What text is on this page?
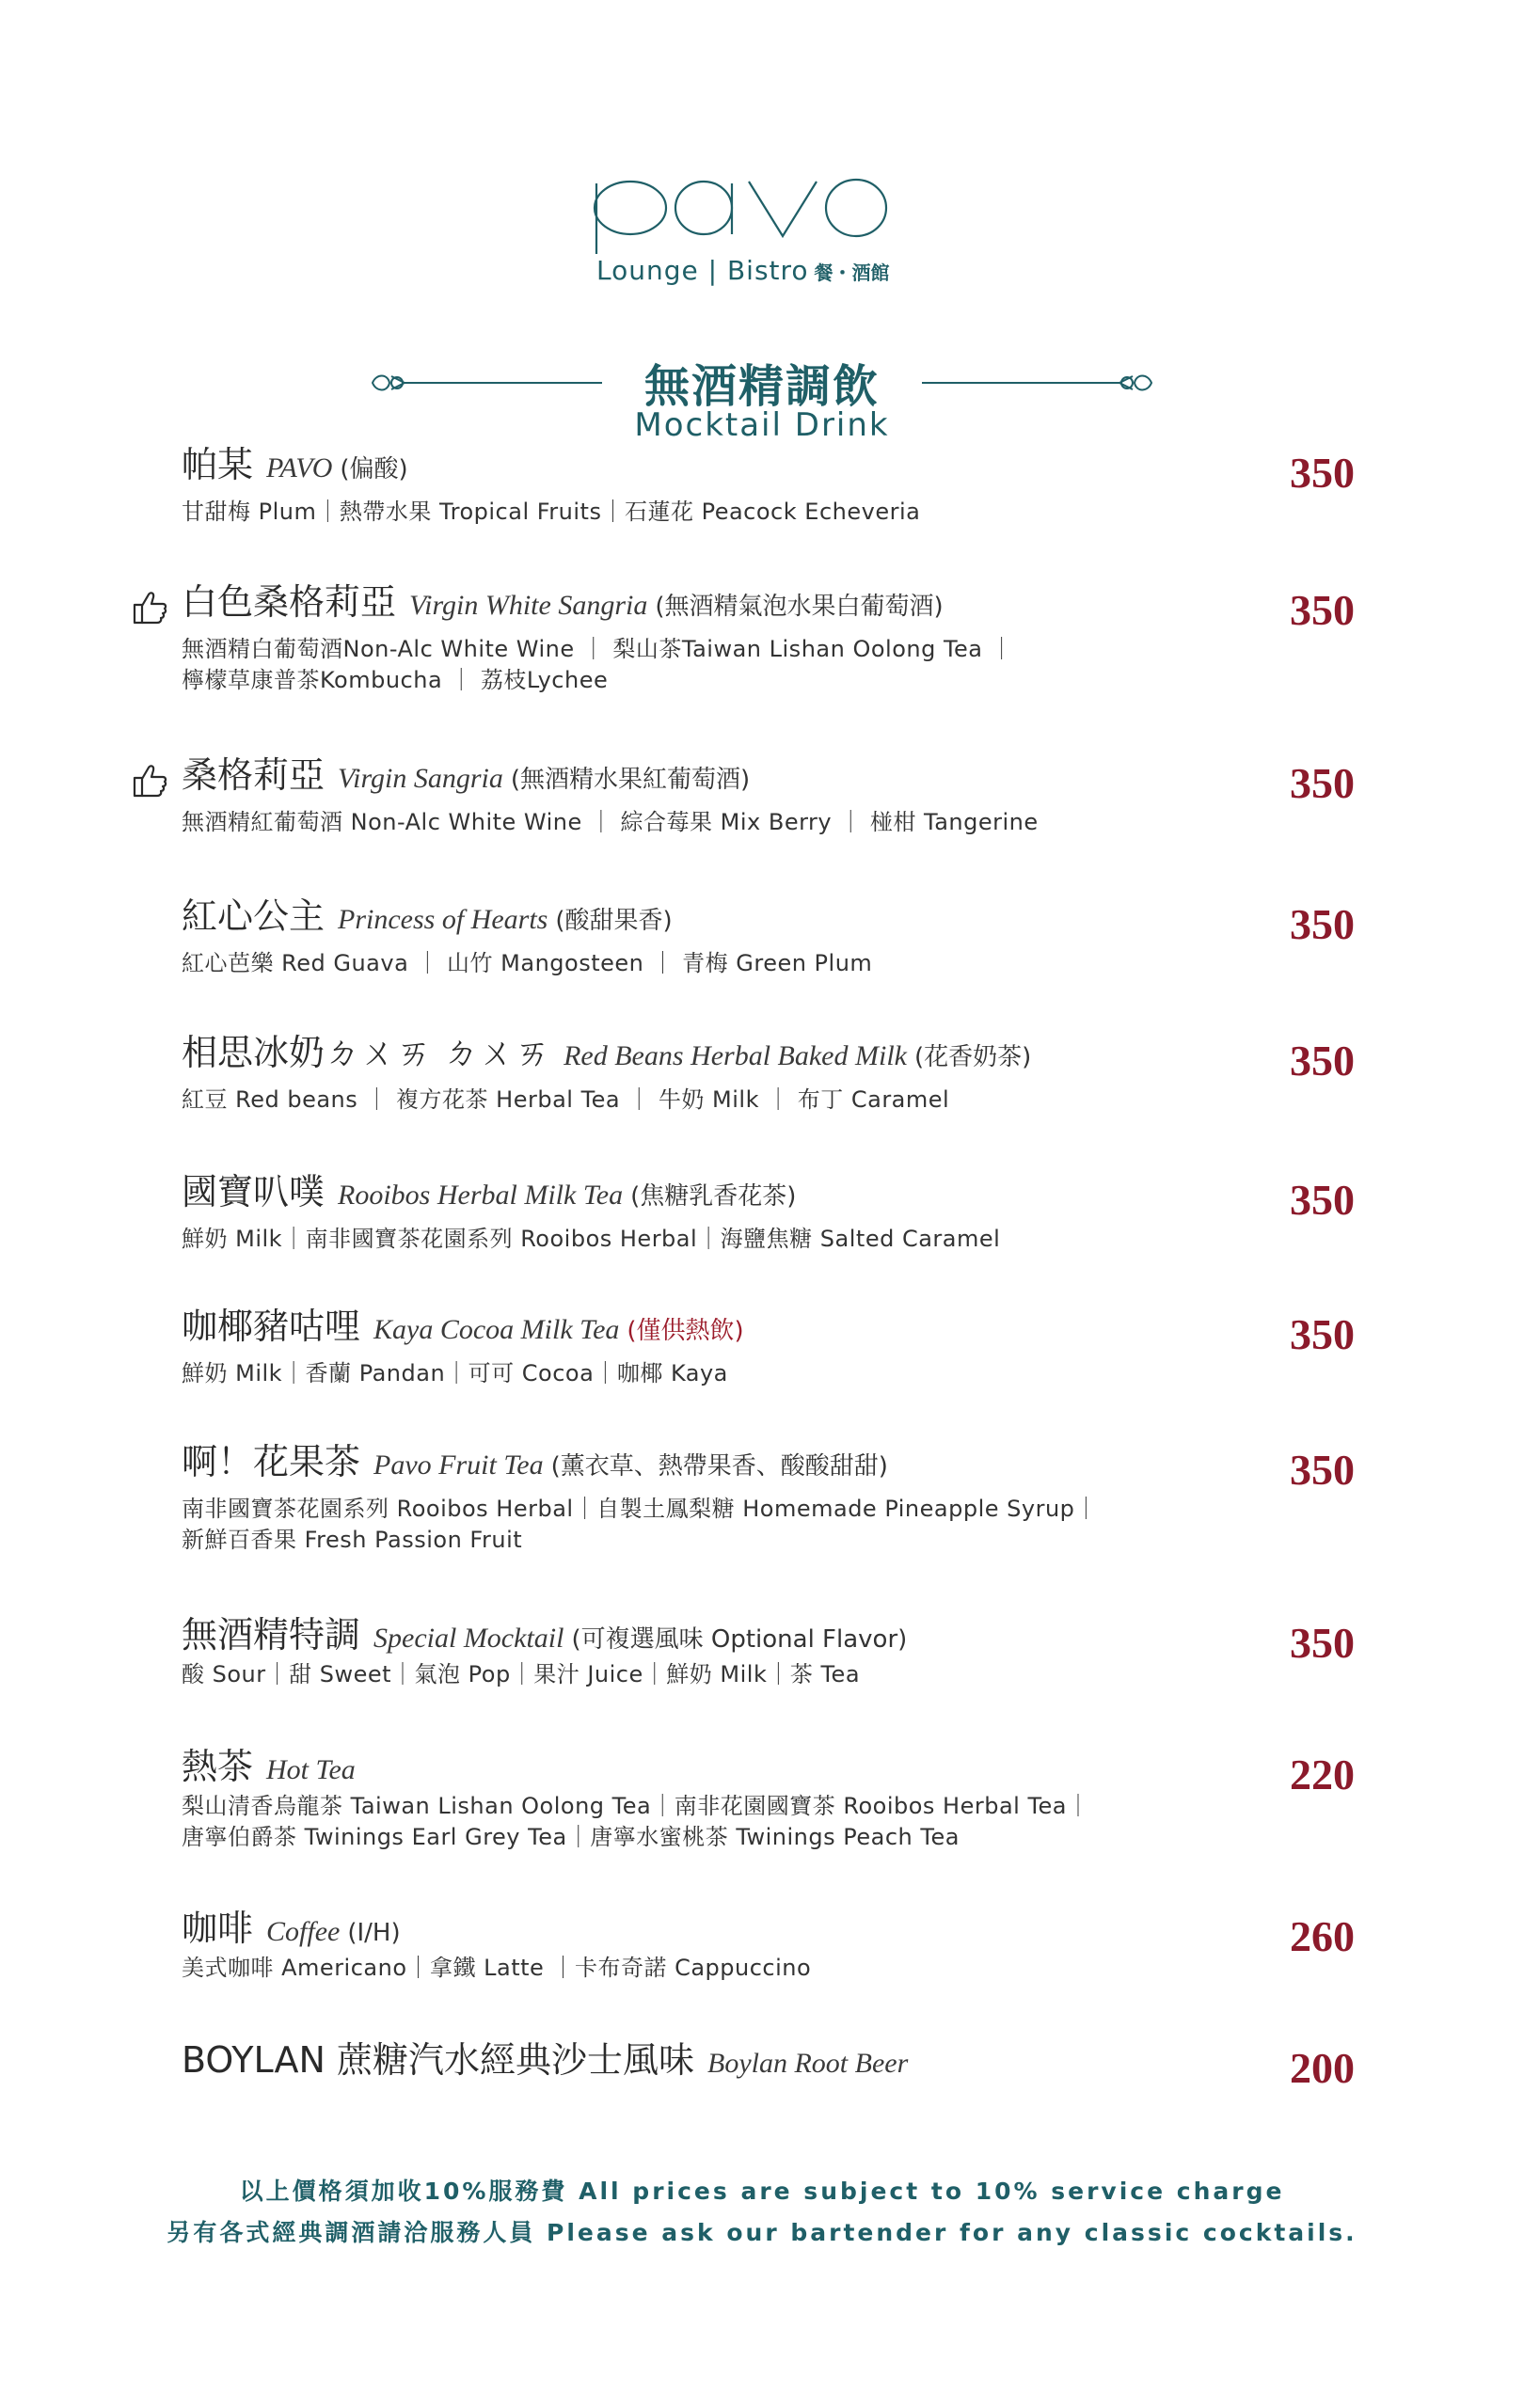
Lounge | Bistro 餐・酒館
無酒精調飲
Mocktail Drink
帕某 PAVO (偏酸)
甘甜梅 Plum｜熱帶水果 Tropical Fruits｜石蓮花 Peacock Echeveria
350
白色桑格莉亞 Virgin White Sangria (無酒精氣泡水果白葡萄酒)
無酒精白葡萄酒Non-Alc White Wine ｜ 梨山茶Taiwan Lishan Oolong Tea ｜
檸檬草康普茶Kombucha ｜ 荔枝Lychee
350
桑格莉亞 Virgin Sangria (無酒精水果紅葡萄酒)
無酒精紅葡萄酒 Non-Alc White Wine ｜ 綜合莓果 Mix Berry ｜ 椪柑 Tangerine
350
紅心公主 Princess of Hearts (酸甜果香)
紅心芭樂 Red Guava ｜ 山竹 Mangosteen ｜ 青梅 Green Plum
350
相思冰奶ㄉㄨㄞ ㄉㄨㄞ Red Beans Herbal Baked Milk (花香奶茶)
紅豆 Red beans ｜ 複方花茶 Herbal Tea ｜ 牛奶 Milk ｜ 布丁 Caramel
350
國寶叭噗 Rooibos Herbal Milk Tea (焦糖乳香花茶)
鮮奶 Milk｜南非國寶茶花園系列 Rooibos Herbal｜海鹽焦糖 Salted Caramel
350
咖椰豬咕哩 Kaya Cocoa Milk Tea (僅供熱飲)
鮮奶 Milk｜香蘭 Pandan｜可可 Cocoa｜咖椰 Kaya
350
啊！花果茶 Pavo Fruit Tea (薰衣草、熱帶果香、酸酸甜甜)
南非國寶茶花園系列 Rooibos Herbal｜自製土鳳梨糖 Homemade Pineapple Syrup｜
新鮮百香果 Fresh Passion Fruit
350
無酒精特調 Special Mocktail (可複選風味 Optional Flavor)
酸 Sour｜甜 Sweet｜氣泡 Pop｜果汁 Juice｜鮮奶 Milk｜茶 Tea
350
熱茶 Hot Tea
梨山清香烏龍茶 Taiwan Lishan Oolong Tea｜南非花園國寶茶 Rooibos Herbal Tea｜
唐寧伯爵茶 Twinings Earl Grey Tea｜唐寧水蜜桃茶 Twinings Peach Tea
220
咖啡 Coffee (I/H)
美式咖啡 Americano｜拿鐵 Latte ｜卡布奇諾 Cappuccino
260
BOYLAN 蔗糖汽水經典沙士風味 Boylan Root Beer	200
以上價格須加收10%服務費 All prices are subject to 10% service charge
另有各式經典調酒請洽服務人員 Please ask our bartender for any classic cocktails.
